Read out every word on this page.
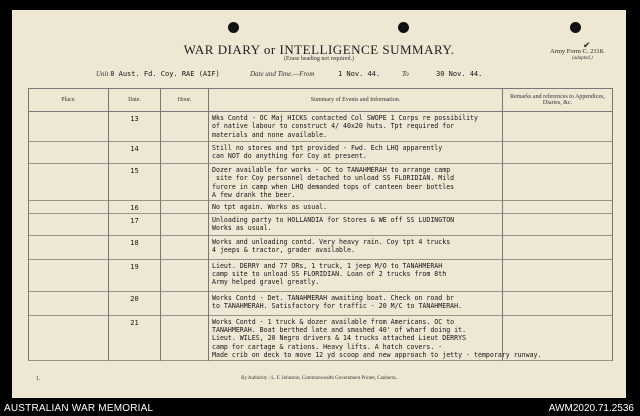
WAR DIARY or INTELLIGENCE SUMMARY.
(Erase heading not required.)
✔
Army Form C. 2118.
(adapted.)
Unit 8 Aust. Fd. Coy. RAE (AIF)	Date and Time.—From	1 Nov. 44.	To	30 Nov. 44.
Place.	Date.	Hour.	Summary of Events and Information.	Remarks and references to Appendices, Diaries, &c.
	13		Wks Contd - OC Maj HICKS contacted Col SWOPE 1 Corps re possibility
of native labour to construct 4/ 40x20 huts. Tpt required for
materials and none available.	

	14		Still no stores and tpt provided - Fwd. Ech LHQ apparently
can NOT do anything for Coy at present.	

	15		Dozer available for works - OC to TANAHMERAH to arrange camp
site for Coy personnel detached to unload SS FLORIDIAN. Mild
furore in camp when LHQ demanded tops of canteen beer bottles
A few drank the beer.	

	16		No tpt again. Works as usual.	

	17		Unloading party to HOLLANDIA for Stores & WE off SS LUDINGTON
Works as usual.	

	18		Works and unloading contd. Very heavy rain. Coy tpt 4 trucks
4 jeeps & tractor, grader available.	

	19		Lieut. DERRY and 77 ORs, 1 truck, 1 jeep M/O to TANAHMERAH
camp site to unload SS FLORIDIAN. Loan of 2 trucks from 8th
Army helped gravel greatly.	

	20		Works Contd - Det. TANAHMERAH awaiting boat. Check on road br
to TANAHMERAH. Satisfactory for traffic - 20 M/C to TANAHMERAH.	

	21		Works Contd - 1 truck & dozer available from Americans. OC to
TANAHMERAH. Boat berthed late and smashed 40' of wharf doing it.
Lieut. WILES, 20 Negro drivers & 14 trucks attached Lieut DERRYS
camp for cartage & rations. Heavy lifts. A hatch covers. -
Made crib on deck to move 12 yd scoop and new approach to jetty - temporary runway.	

1.	By Authority : L. F. Johnston, Commonwealth Government Printer, Canberra.
AUSTRALIAN WAR MEMORIAL	AWM2020.71.2536
